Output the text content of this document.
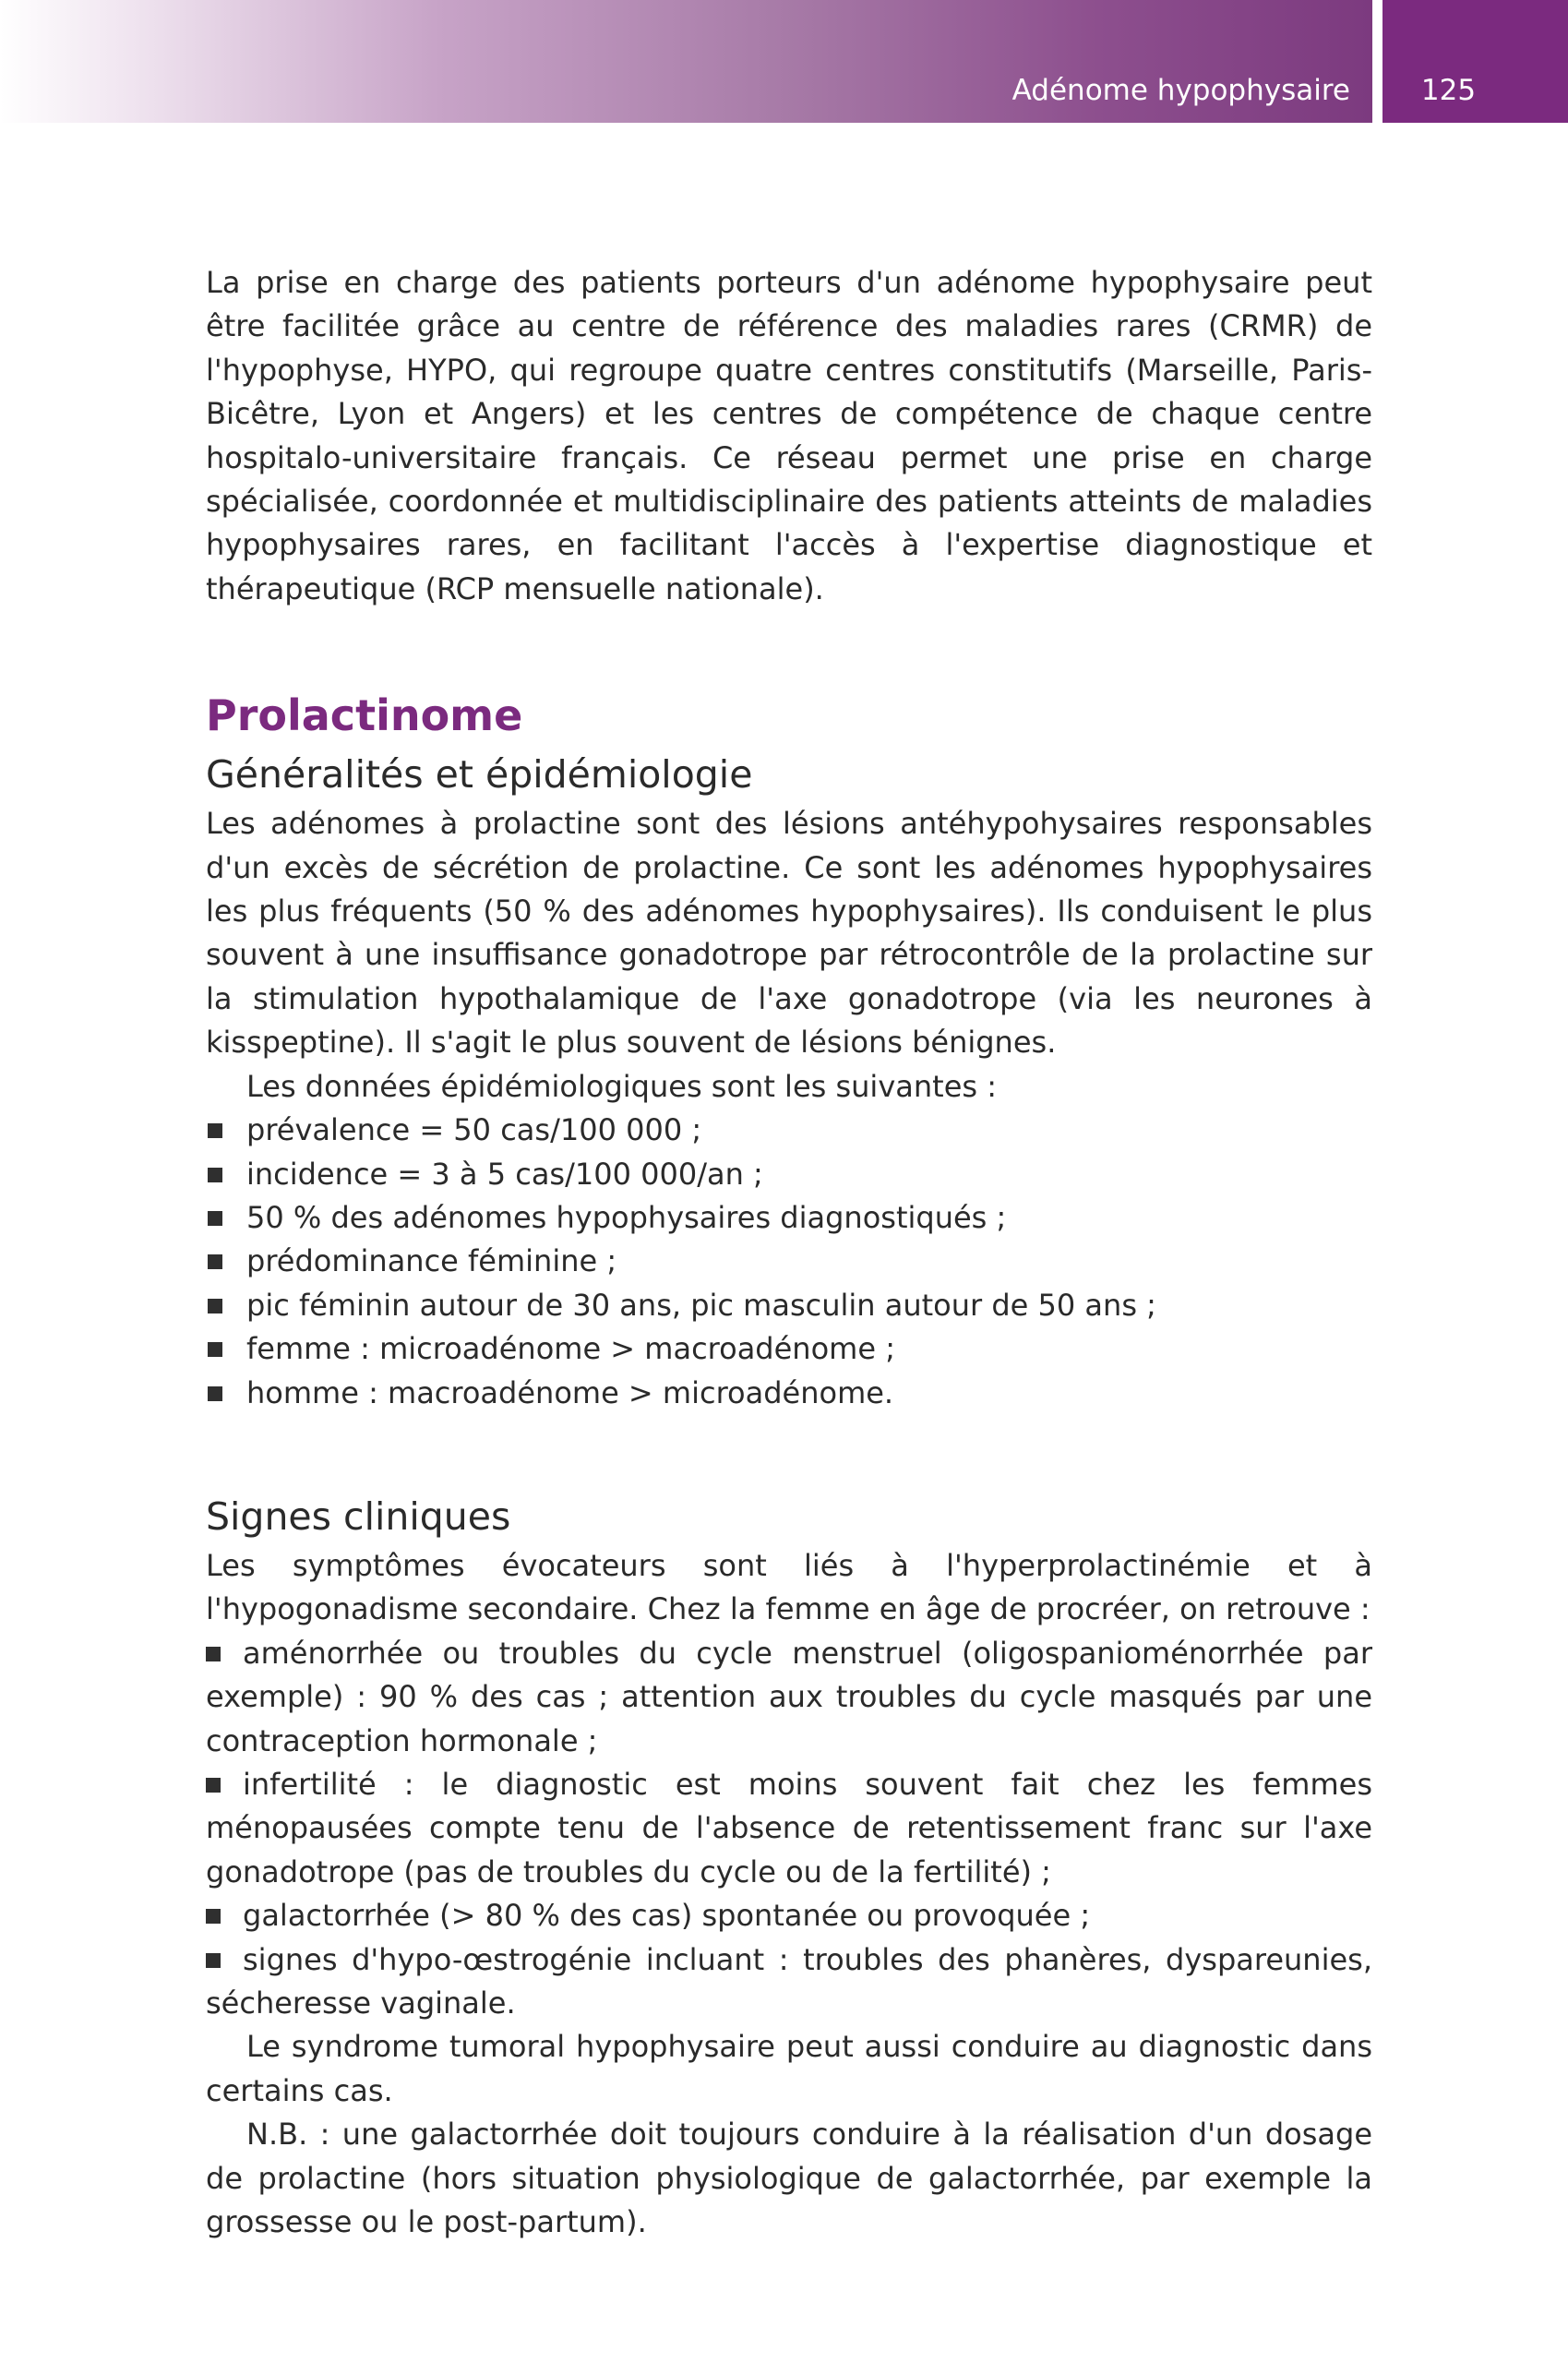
Adénome hypophysaire	125

La prise en charge des patients porteurs d'un adénome hypophysaire peut être facilitée grâce au centre de référence des maladies rares (CRMR) de l'hypophyse, HYPO, qui regroupe quatre centres constitutifs (Marseille, Paris-Bicêtre, Lyon et Angers) et les centres de compétence de chaque centre hospitalo-universitaire français. Ce réseau permet une prise en charge spécialisée, coordonnée et multidisciplinaire des patients atteints de maladies hypophysaires rares, en facilitant l'accès à l'expertise diagnostique et thérapeutique (RCP mensuelle nationale).

Prolactinome
Généralités et épidémiologie

Les adénomes à prolactine sont des lésions antéhypohysaires responsables d'un excès de sécrétion de prolactine. Ce sont les adénomes hypophysaires les plus fréquents (50 % des adénomes hypophysaires). Ils conduisent le plus souvent à une insuffisance gonadotrope par rétrocontrôle de la prolactine sur la stimulation hypothalamique de l'axe gonadotrope (via les neurones à kisspeptine). Il s'agit le plus souvent de lésions bénignes.

Les données épidémiologiques sont les suivantes :

prévalence = 50 cas/100 000 ;
incidence = 3 à 5 cas/100 000/an ;
50 % des adénomes hypophysaires diagnostiqués ;
prédominance féminine ;
pic féminin autour de 30 ans, pic masculin autour de 50 ans ;
femme : microadénome > macroadénome ;
homme : macroadénome > microadénome.
Signes cliniques

Les symptômes évocateurs sont liés à l'hyperprolactinémie et à l'hypogonadisme secondaire. Chez la femme en âge de procréer, on retrouve :

aménorrhée ou troubles du cycle menstruel (oligospanioménorrhée par exemple) : 90 % des cas ; attention aux troubles du cycle masqués par une contraception hormonale ;

infertilité : le diagnostic est moins souvent fait chez les femmes ménopausées compte tenu de l'absence de retentissement franc sur l'axe gonadotrope (pas de troubles du cycle ou de la fertilité) ;

galactorrhée (> 80 % des cas) spontanée ou provoquée ;

signes d'hypo-œstrogénie incluant : troubles des phanères, dyspareunies, sécheresse vaginale.

Le syndrome tumoral hypophysaire peut aussi conduire au diagnostic dans certains cas.

N.B. : une galactorrhée doit toujours conduire à la réalisation d'un dosage de prolactine (hors situation physiologique de galactorrhée, par exemple la grossesse ou le post-partum).
